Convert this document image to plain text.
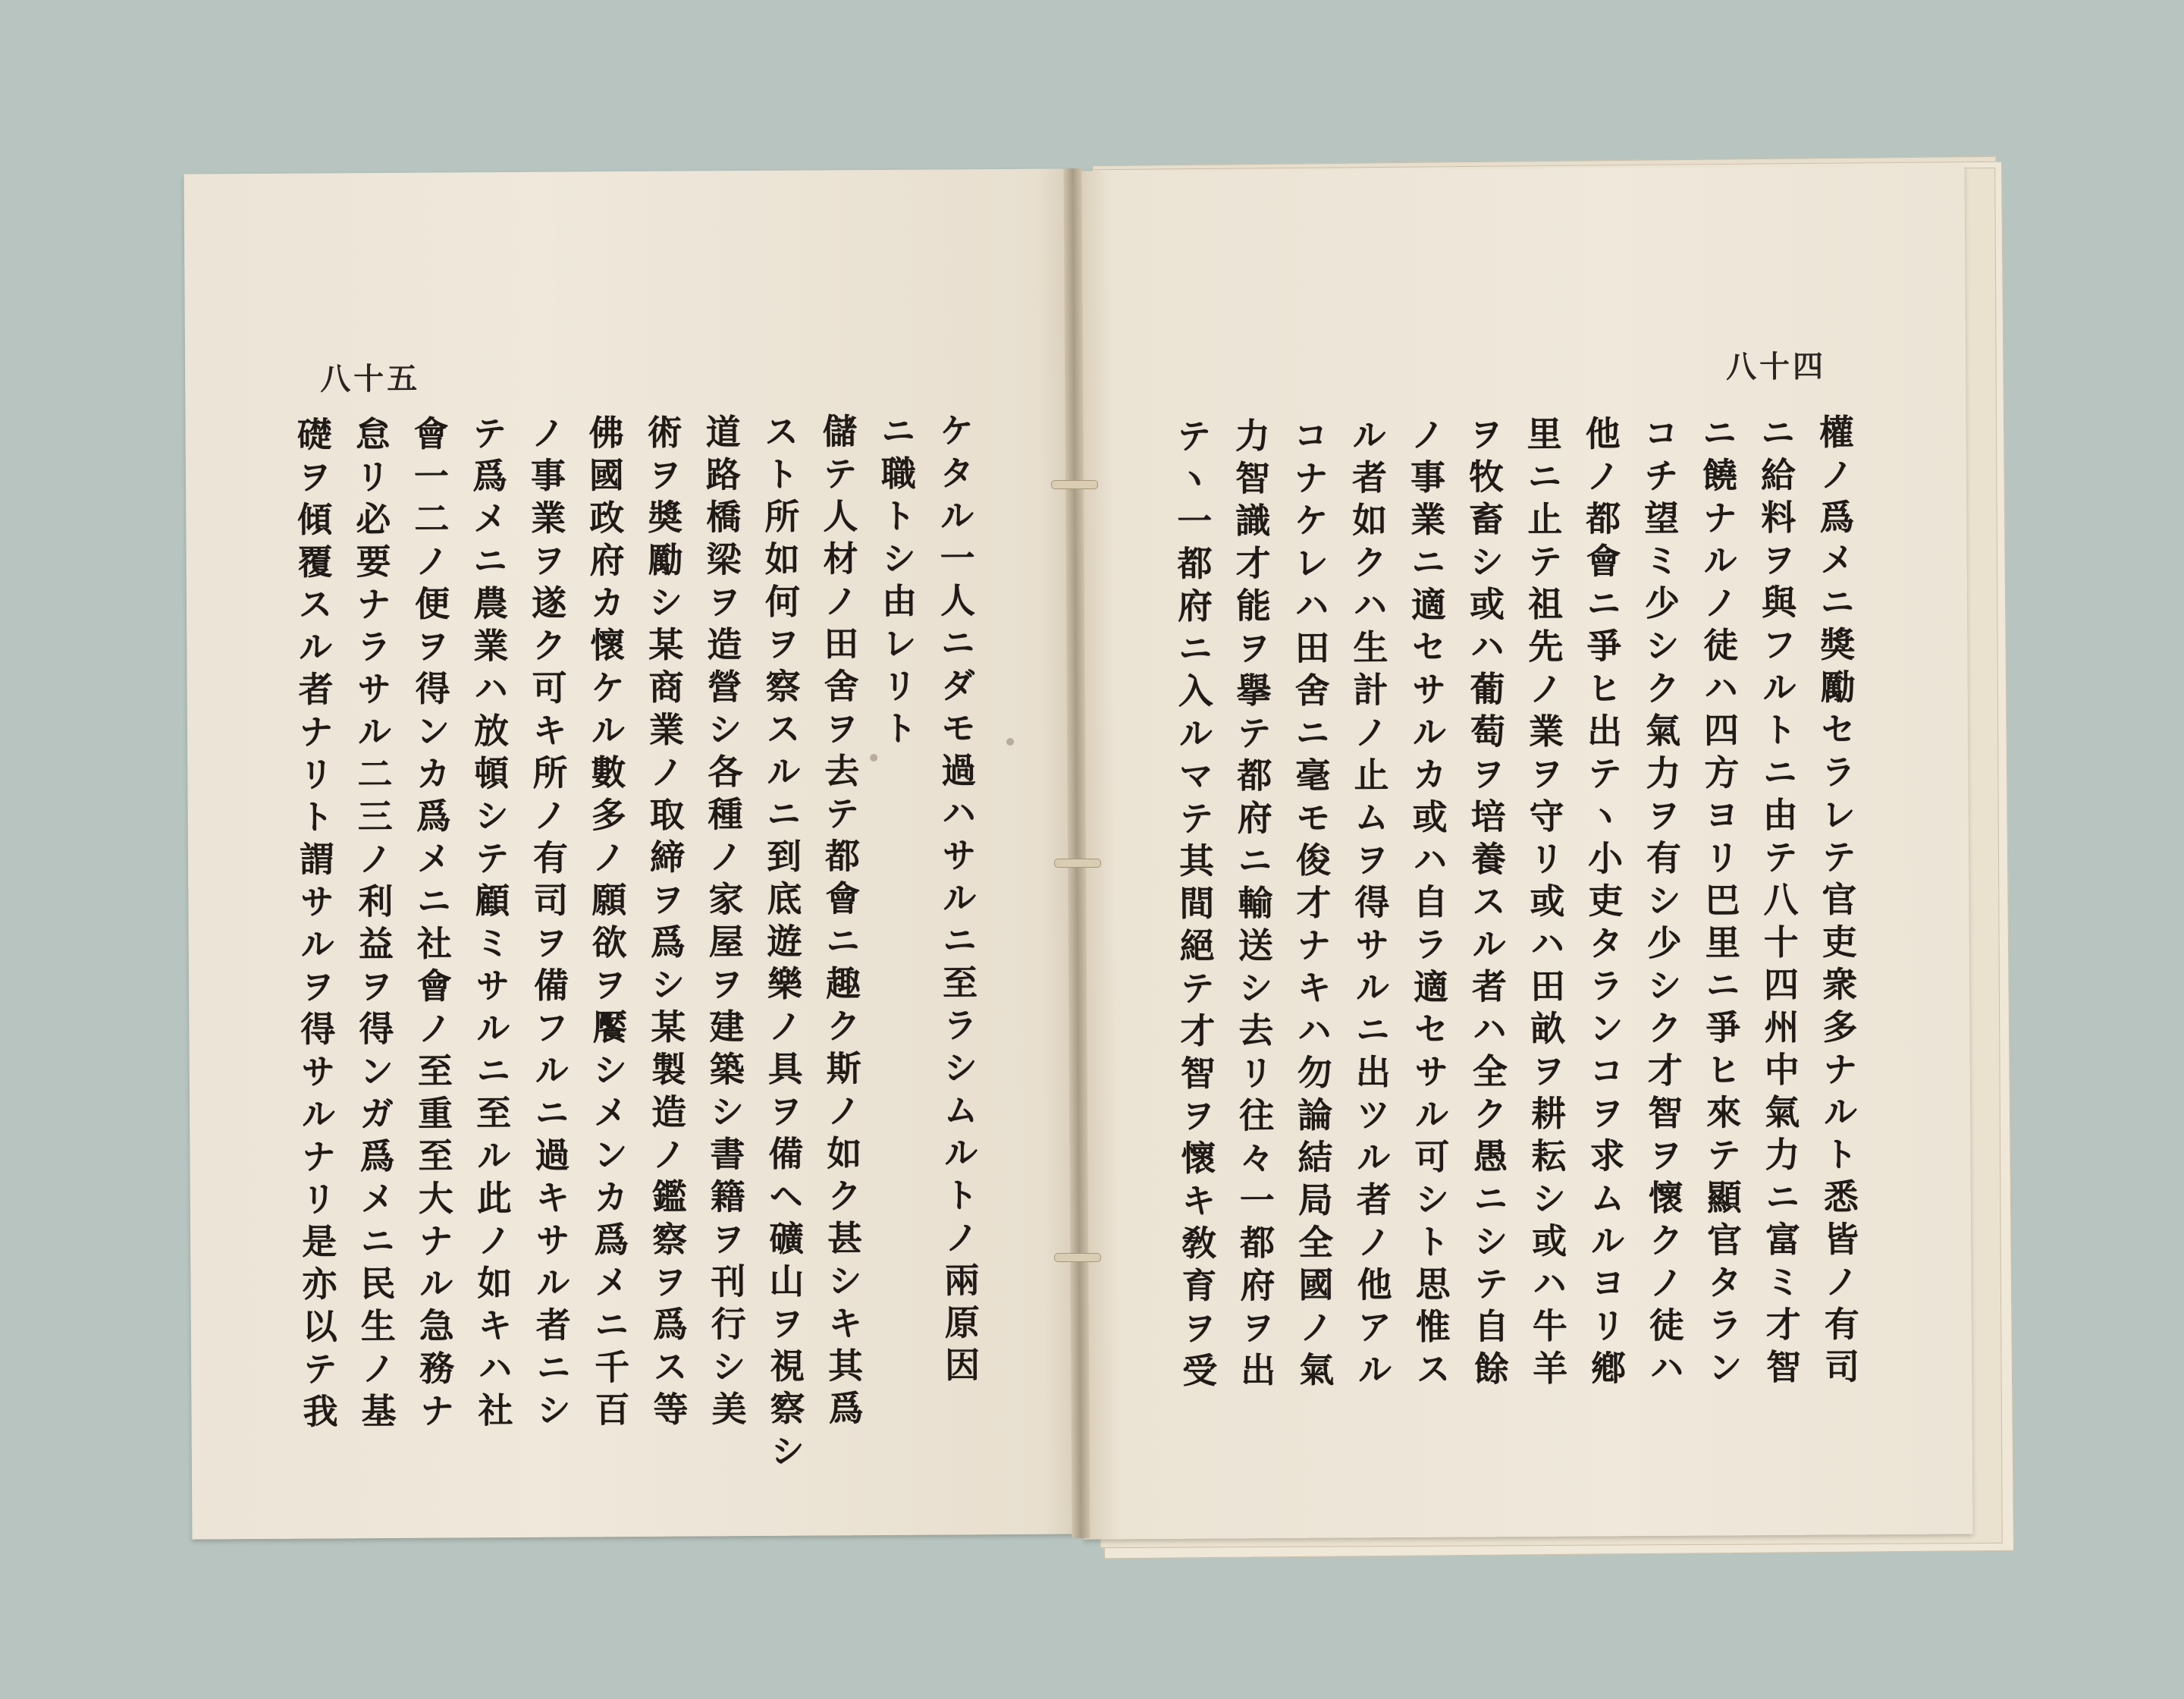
八十五
ケタル一人ニダモ過ハサルニ至ラシムルトノ兩原因
ニ職トシ由レリト
儲テ人材ノ田舍ヲ去テ都會ニ趣ク斯ノ如ク甚シキ其爲
スト所如何ヲ察スルニ到底遊樂ノ具ヲ備ヘ礦山ヲ視察シ
道路橋梁ヲ造營シ各種ノ家屋ヲ建築シ書籍ヲ刊行シ美
術ヲ奬勵シ某商業ノ取締ヲ爲シ某製造ノ鑑察ヲ爲ス等
佛國政府カ懷ケル數多ノ願欲ヲ饜シメンカ爲メニ千百
ノ事業ヲ遂ク可キ所ノ有司ヲ備フルニ過キサル者ニシ
テ爲メニ農業ハ放頓シテ顧ミサルニ至ル此ノ如キハ社
會一二ノ便ヲ得ンカ爲メニ社會ノ至重至大ナル急務ナ
怠リ必要ナラサル二三ノ利益ヲ得ンガ爲メニ民生ノ基
礎ヲ傾覆スル者ナリト謂サルヲ得サルナリ是亦以テ我
八十四
權ノ爲メニ獎勵セラレテ官吏衆多ナルト悉皆ノ有司
ニ給料ヲ與フルトニ由テ八十四州中氣力ニ富ミ才智
ニ饒ナルノ徒ハ四方ヨリ巴里ニ爭ヒ來テ顯官タラン
コチ望ミ少シク氣力ヲ有シ少シク才智ヲ懷クノ徒ハ
他ノ都會ニ爭ヒ出テヽ小吏タランコヲ求ムルヨリ鄕
里ニ止テ祖先ノ業ヲ守リ或ハ田畝ヲ耕耘シ或ハ牛羊
ヲ牧畜シ或ハ葡萄ヲ培養スル者ハ全ク愚ニシテ自餘
ノ事業ニ適セサルカ或ハ自ラ適セサル可シト思惟ス
ル者如クハ生計ノ止ムヲ得サルニ出ツル者ノ他アル
コナケレハ田舍ニ毫モ俊才ナキハ勿論結局全國ノ氣
力智識才能ヲ擧テ都府ニ輸送シ去リ往々一都府ヲ出
テヽ一都府ニ入ルマテ其間絕テ才智ヲ懷キ敎育ヲ受
